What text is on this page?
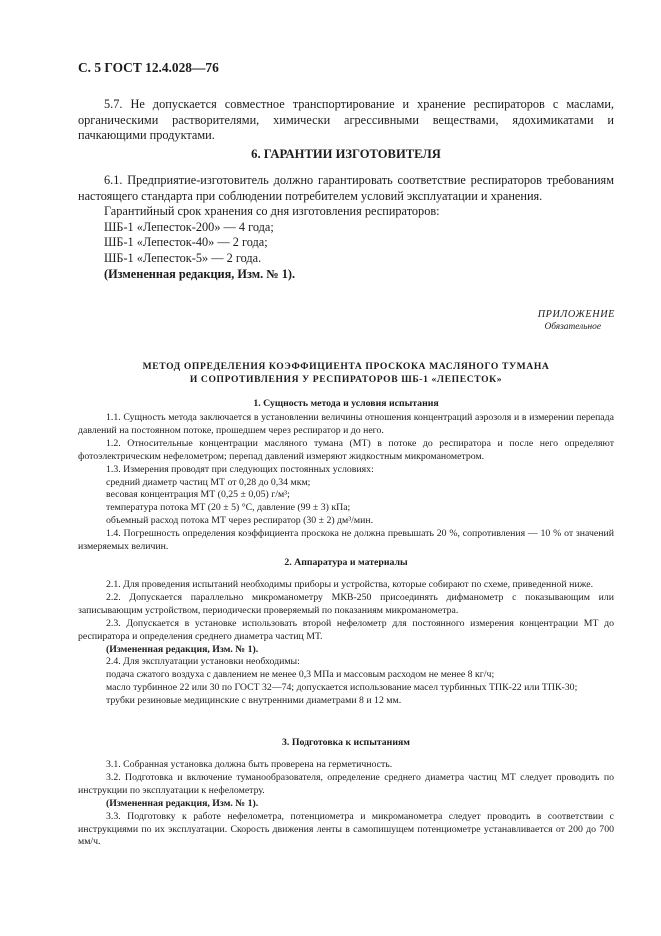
С. 5 ГОСТ 12.4.028—76

5.7. Не допускается совместное транспортирование и хранение респираторов с маслами, органическими растворителями, химически агрессивными веществами, ядохимикатами и пачкающими продуктами.

6. ГАРАНТИИ ИЗГОТОВИТЕЛЯ

6.1. Предприятие-изготовитель должно гарантировать соответствие респираторов требованиям настоящего стандарта при соблюдении потребителем условий эксплуатации и хранения.

Гарантийный срок хранения со дня изготовления респираторов:
ШБ-1 «Лепесток-200» — 4 года;
ШБ-1 «Лепесток-40» — 2 года;
ШБ-1 «Лепесток-5» — 2 года.
(Измененная редакция, Изм. № 1).
ПРИЛОЖЕНИЕ
Обязательное
МЕТОД ОПРЕДЕЛЕНИЯ КОЭФФИЦИЕНТА ПРОСКОКА МАСЛЯНОГО ТУМАНА
И СОПРОТИВЛЕНИЯ У РЕСПИРАТОРОВ ШБ-1 «ЛЕПЕСТОК»
1. Сущность метода и условия испытания

1.1. Сущность метода заключается в установлении величины отношения концентраций аэрозоля и в измерении перепада давлений на постоянном потоке, прошедшем через респиратор и до него.

1.2. Относительные концентрации масляного тумана (МТ) в потоке до респиратора и после него определяют фотоэлектрическим нефелометром; перепад давлений измеряют жидкостным микроманометром.

1.3. Измерения проводят при следующих постоянных условиях:

средний диаметр частиц МТ от 0,28 до 0,34 мкм;
весовая концентрация МТ (0,25 ± 0,05) г/м³;
температура потока МТ (20 ± 5) °С, давление (99 ± 3) кПа;
объемный расход потока МТ через респиратор (30 ± 2) дм³/мин.

1.4. Погрешность определения коэффициента проскока не должна превышать 20 %, сопротивления — 10 % от значений измеряемых величин.

2. Аппаратура и материалы

2.1. Для проведения испытаний необходимы приборы и устройства, которые собирают по схеме, приведенной ниже.

2.2. Допускается параллельно микроманометру МКВ-250 присоединять дифманометр с показывающим или записывающим устройством, периодически проверяемый по показаниям микроманометра.

2.3. Допускается в установке использовать второй нефелометр для постоянного измерения концентрации МТ до респиратора и определения среднего диаметра частиц МТ.

(Измененная редакция, Изм. № 1).

2.4. Для эксплуатации установки необходимы:

подача сжатого воздуха с давлением не менее 0,3 МПа и массовым расходом не менее 8 кг/ч;

масло турбинное 22 или 30 по ГОСТ 32—74; допускается использование масел турбинных ТПК-22 или ТПК-30;

трубки резиновые медицинские с внутренними диаметрами 8 и 12 мм.

3. Подготовка к испытаниям

3.1. Собранная установка должна быть проверена на герметичность.

3.2. Подготовка и включение туманообразователя, определение среднего диаметра частиц МТ следует проводить по инструкции по эксплуатации к нефелометру.

(Измененная редакция, Изм. № 1).

3.3. Подготовку к работе нефелометра, потенциометра и микроманометра следует проводить в соответствии с инструкциями по их эксплуатации. Скорость движения ленты в самопишущем потенциометре устанавливается от 200 до 700 мм/ч.
